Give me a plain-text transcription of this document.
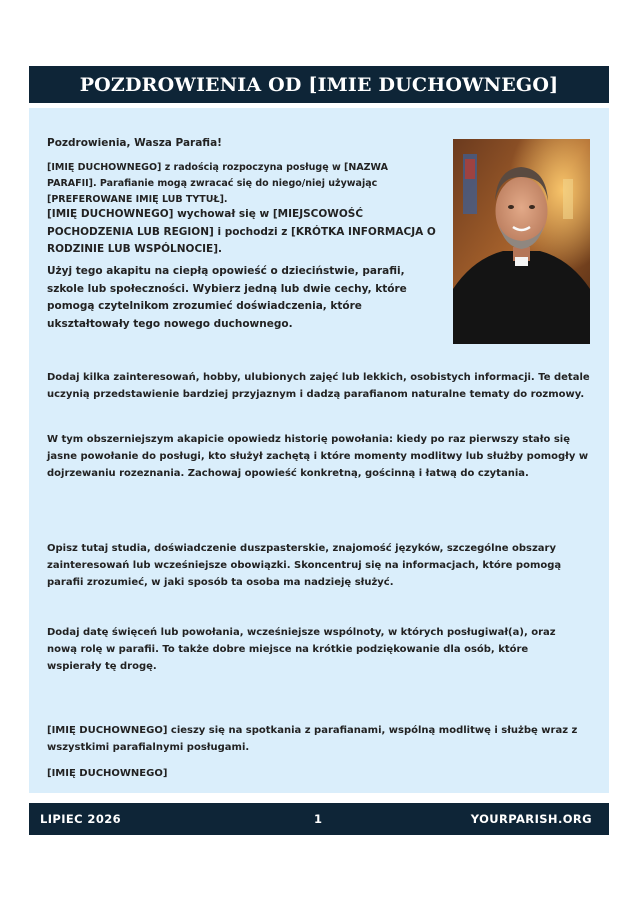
POZDROWIENIA OD [IMIE DUCHOWNEGO]

Pozdrowienia, Wasza Parafia!

[IMIĘ DUCHOWNEGO] z radością rozpoczyna posługę w [NAZWA PARAFII]. Parafianie mogą zwracać się do niego/niej używając [PREFEROWANE IMIĘ LUB TYTUŁ].

[IMIĘ DUCHOWNEGO] wychował się w [MIEJSCOWOŚĆ POCHODZENIA LUB REGION] i pochodzi z [KRÓTKA INFORMACJA O RODZINIE LUB WSPÓLNOCIE].

Użyj tego akapitu na ciepłą opowieść o dzieciństwie, parafii, szkole lub społeczności. Wybierz jedną lub dwie cechy, które pomogą czytelnikom zrozumieć doświadczenia, które ukształtowały tego nowego duchownego.

Dodaj kilka zainteresowań, hobby, ulubionych zajęć lub lekkich, osobistych informacji. Te detale uczynią przedstawienie bardziej przyjaznym i dadzą parafianom naturalne tematy do rozmowy.

W tym obszerniejszym akapicie opowiedz historię powołania: kiedy po raz pierwszy stało się jasne powołanie do posługi, kto służył zachętą i które momenty modlitwy lub służby pomogły w dojrzewaniu rozeznania. Zachowaj opowieść konkretną, gościnną i łatwą do czytania.

Opisz tutaj studia, doświadczenie duszpasterskie, znajomość języków, szczególne obszary zainteresowań lub wcześniejsze obowiązki. Skoncentruj się na informacjach, które pomogą parafii zrozumieć, w jaki sposób ta osoba ma nadzieję służyć.

Dodaj datę święceń lub powołania, wcześniejsze wspólnoty, w których posługiwał(a), oraz nową rolę w parafii. To także dobre miejsce na krótkie podziękowanie dla osób, które wspierały tę drogę.

[IMIĘ DUCHOWNEGO] cieszy się na spotkania z parafianami, wspólną modlitwę i służbę wraz z wszystkimi parafialnymi posługami.

[IMIĘ DUCHOWNEGO]

LIPIEC 2026	1	YOURPARISH.ORG
